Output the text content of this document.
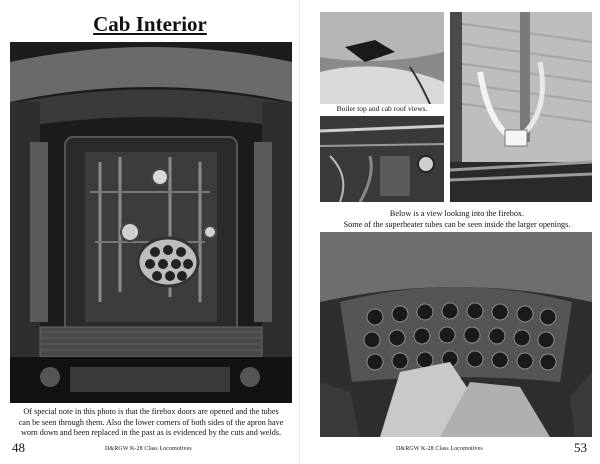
Cab Interior
Of special note in this photo is that the firebox doors are opened and the tubes
can be seen through them. Also the lower corners of both sides of the apron have
worn down and been replaced in the past as is evidenced by the cuts and welds.
48	D&RGW K-28 Class Locomotives
Boiler top and cab roof views.
Below is a view looking into the firebox.
Some of the superheater tubes can be seen inside the larger openings.
D&RGW K-28 Class Locomotives	53
